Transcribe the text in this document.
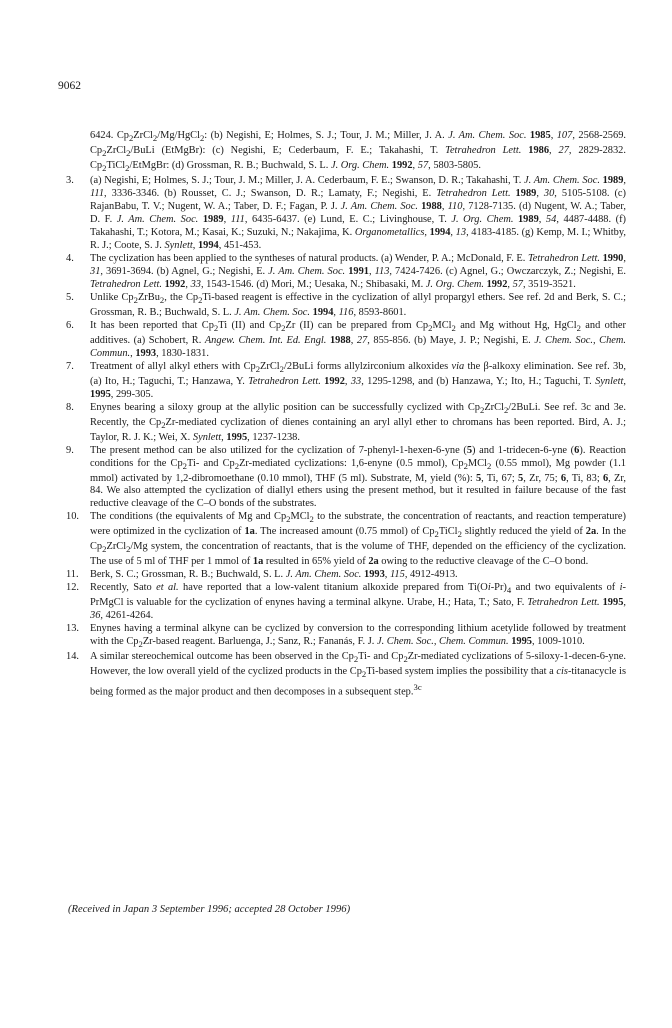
9062
6424. $Cp_2ZrCl_2/Mg/HgCl_2$: (b) Negishi, E; Holmes, S. J.; Tour, J. M.; Miller, J. A. J. Am. Chem. Soc. 1985, 107, 2568-2569. $Cp_2ZrCl_2$/BuLi (EtMgBr): (c) Negishi, E; Cederbaum, F. E.; Takahashi, T. Tetrahedron Lett. 1986, 27, 2829-2832. $Cp_2TiCl_2$/EtMgBr: (d) Grossman, R. B.; Buchwald, S. L. J. Org. Chem. 1992, 57, 5803-5805.
3.	(a) Negishi, E; Holmes, S. J.; Tour, J. M.; Miller, J. A. Cederbaum, F. E.; Swanson, D. R.; Takahashi, T. J. Am. Chem. Soc. 1989, 111, 3336-3346. (b) Rousset, C. J.; Swanson, D. R.; Lamaty, F.; Negishi, E. Tetrahedron Lett. 1989, 30, 5105-5108. (c) RajanBabu, T. V.; Nugent, W. A.; Taber, D. F.; Fagan, P. J. J. Am. Chem. Soc. 1988, 110, 7128-7135. (d) Nugent, W. A.; Taber, D. F. J. Am. Chem. Soc. 1989, 111, 6435-6437. (e) Lund, E. C.; Livinghouse, T. J. Org. Chem. 1989, 54, 4487-4488. (f) Takahashi, T.; Kotora, M.; Kasai, K.; Suzuki, N.; Nakajima, K. Organometallics, 1994, 13, 4183-4185. (g) Kemp, M. I.; Whitby, R. J.; Coote, S. J. Synlett, 1994, 451-453.
4.	The cyclization has been applied to the syntheses of natural products. (a) Wender, P. A.; McDonald, F. E. Tetrahedron Lett. 1990, 31, 3691-3694. (b) Agnel, G.; Negishi, E. J. Am. Chem. Soc. 1991, 113, 7424-7426. (c) Agnel, G.; Owczarczyk, Z.; Negishi, E. Tetrahedron Lett. 1992, 33, 1543-1546. (d) Mori, M.; Uesaka, N.; Shibasaki, M. J. Org. Chem. 1992, 57, 3519-3521.
5.	Unlike $Cp_2ZrBu_2$, the $Cp_2Ti$-based reagent is effective in the cyclization of allyl propargyl ethers. See ref. 2d and Berk, S. C.; Grossman, R. B.; Buchwald, S. L. J. Am. Chem. Soc. 1994, 116, 8593-8601.
6.	It has been reported that $Cp_2Ti$ (II) and $Cp_2Zr$ (II) can be prepared from $Cp_2MCl_2$ and Mg without Hg, HgCl$_2$ and other additives. (a) Schobert, R. Angew. Chem. Int. Ed. Engl. 1988, 27, 855-856. (b) Maye, J. P.; Negishi, E. J. Chem. Soc., Chem. Commun., 1993, 1830-1831.
7.	Treatment of allyl alkyl ethers with $Cp_2ZrCl_2/2BuLi$ forms allylzirconium alkoxides via the β-alkoxy elimination. See ref. 3b, (a) Ito, H.; Taguchi, T.; Hanzawa, Y. Tetrahedron Lett. 1992, 33, 1295-1298, and (b) Hanzawa, Y.; Ito, H.; Taguchi, T. Synlett, 1995, 299-305.
8.	Enynes bearing a siloxy group at the allylic position can be successfully cyclized with $Cp_2ZrCl_2/2BuLi$. See ref. 3c and 3e. Recently, the $Cp_2Zr$-mediated cyclization of dienes containing an aryl allyl ether to chromans has been reported. Bird, A. J.; Taylor, R. J. K.; Wei, X. Synlett, 1995, 1237-1238.
9.	The present method can be also utilized for the cyclization of 7-phenyl-1-hexen-6-yne (5) and 1-tridecen-6-yne (6). Reaction conditions for the $Cp_2Ti-$ and $Cp_2Zr$-mediated cyclizations: 1,6-enyne (0.5 mmol), $Cp_2MCl_2$ (0.55 mmol), Mg powder (1.1 mmol) activated by 1,2-dibromoethane (0.10 mmol), THF (5 ml). Substrate, M, yield (%): 5, Ti, 67; 5, Zr, 75; 6, Ti, 83; 6, Zr, 84. We also attempted the cyclization of diallyl ethers using the present method, but it resulted in failure because of the fast reductive cleavage of the C–O bonds of the substrates.
10.	The conditions (the equivalents of Mg and $Cp_2MCl_2$ to the substrate, the concentration of reactants, and reaction temperature) were optimized in the cyclization of 1a. The increased amount (0.75 mmol) of $Cp_2TiCl_2$ slightly reduced the yield of 2a. In the $Cp_2ZrCl_2/Mg$ system, the concentration of reactants, that is the volume of THF, depended on the efficiency of the cyclization. The use of 5 ml of THF per 1 mmol of 1a resulted in 65% yield of 2a owing to the reductive cleavage of the C–O bond.
11.	Berk, S. C.; Grossman, R. B.; Buchwald, S. L. J. Am. Chem. Soc. 1993, 115, 4912-4913.
12.	Recently, Sato et al. have reported that a low-valent titanium alkoxide prepared from $Ti(Oi-Pr)_4$ and two equivalents of i-PrMgCl is valuable for the cyclization of enynes having a terminal alkyne. Urabe, H.; Hata, T.; Sato, F. Tetrahedron Lett. 1995, 36, 4261-4264.
13.	Enynes having a terminal alkyne can be cyclized by conversion to the corresponding lithium acetylide followed by treatment with the $Cp_2Zr$-based reagent. Barluenga, J.; Sanz, R.; Fananás, F. J. J. Chem. Soc., Chem. Commun. 1995, 1009-1010.
14.	A similar stereochemical outcome has been observed in the $Cp_2Ti-$ and $Cp_2Zr$-mediated cyclizations of 5-siloxy-1-decen-6-yne. However, the low overall yield of the cyclized products in the $Cp_2Ti$-based system implies the possibility that a cis-titanacycle is being formed as the major product and then decomposes in a subsequent step.$^{3c}$
(Received in Japan 3 September 1996; accepted 28 October 1996)
